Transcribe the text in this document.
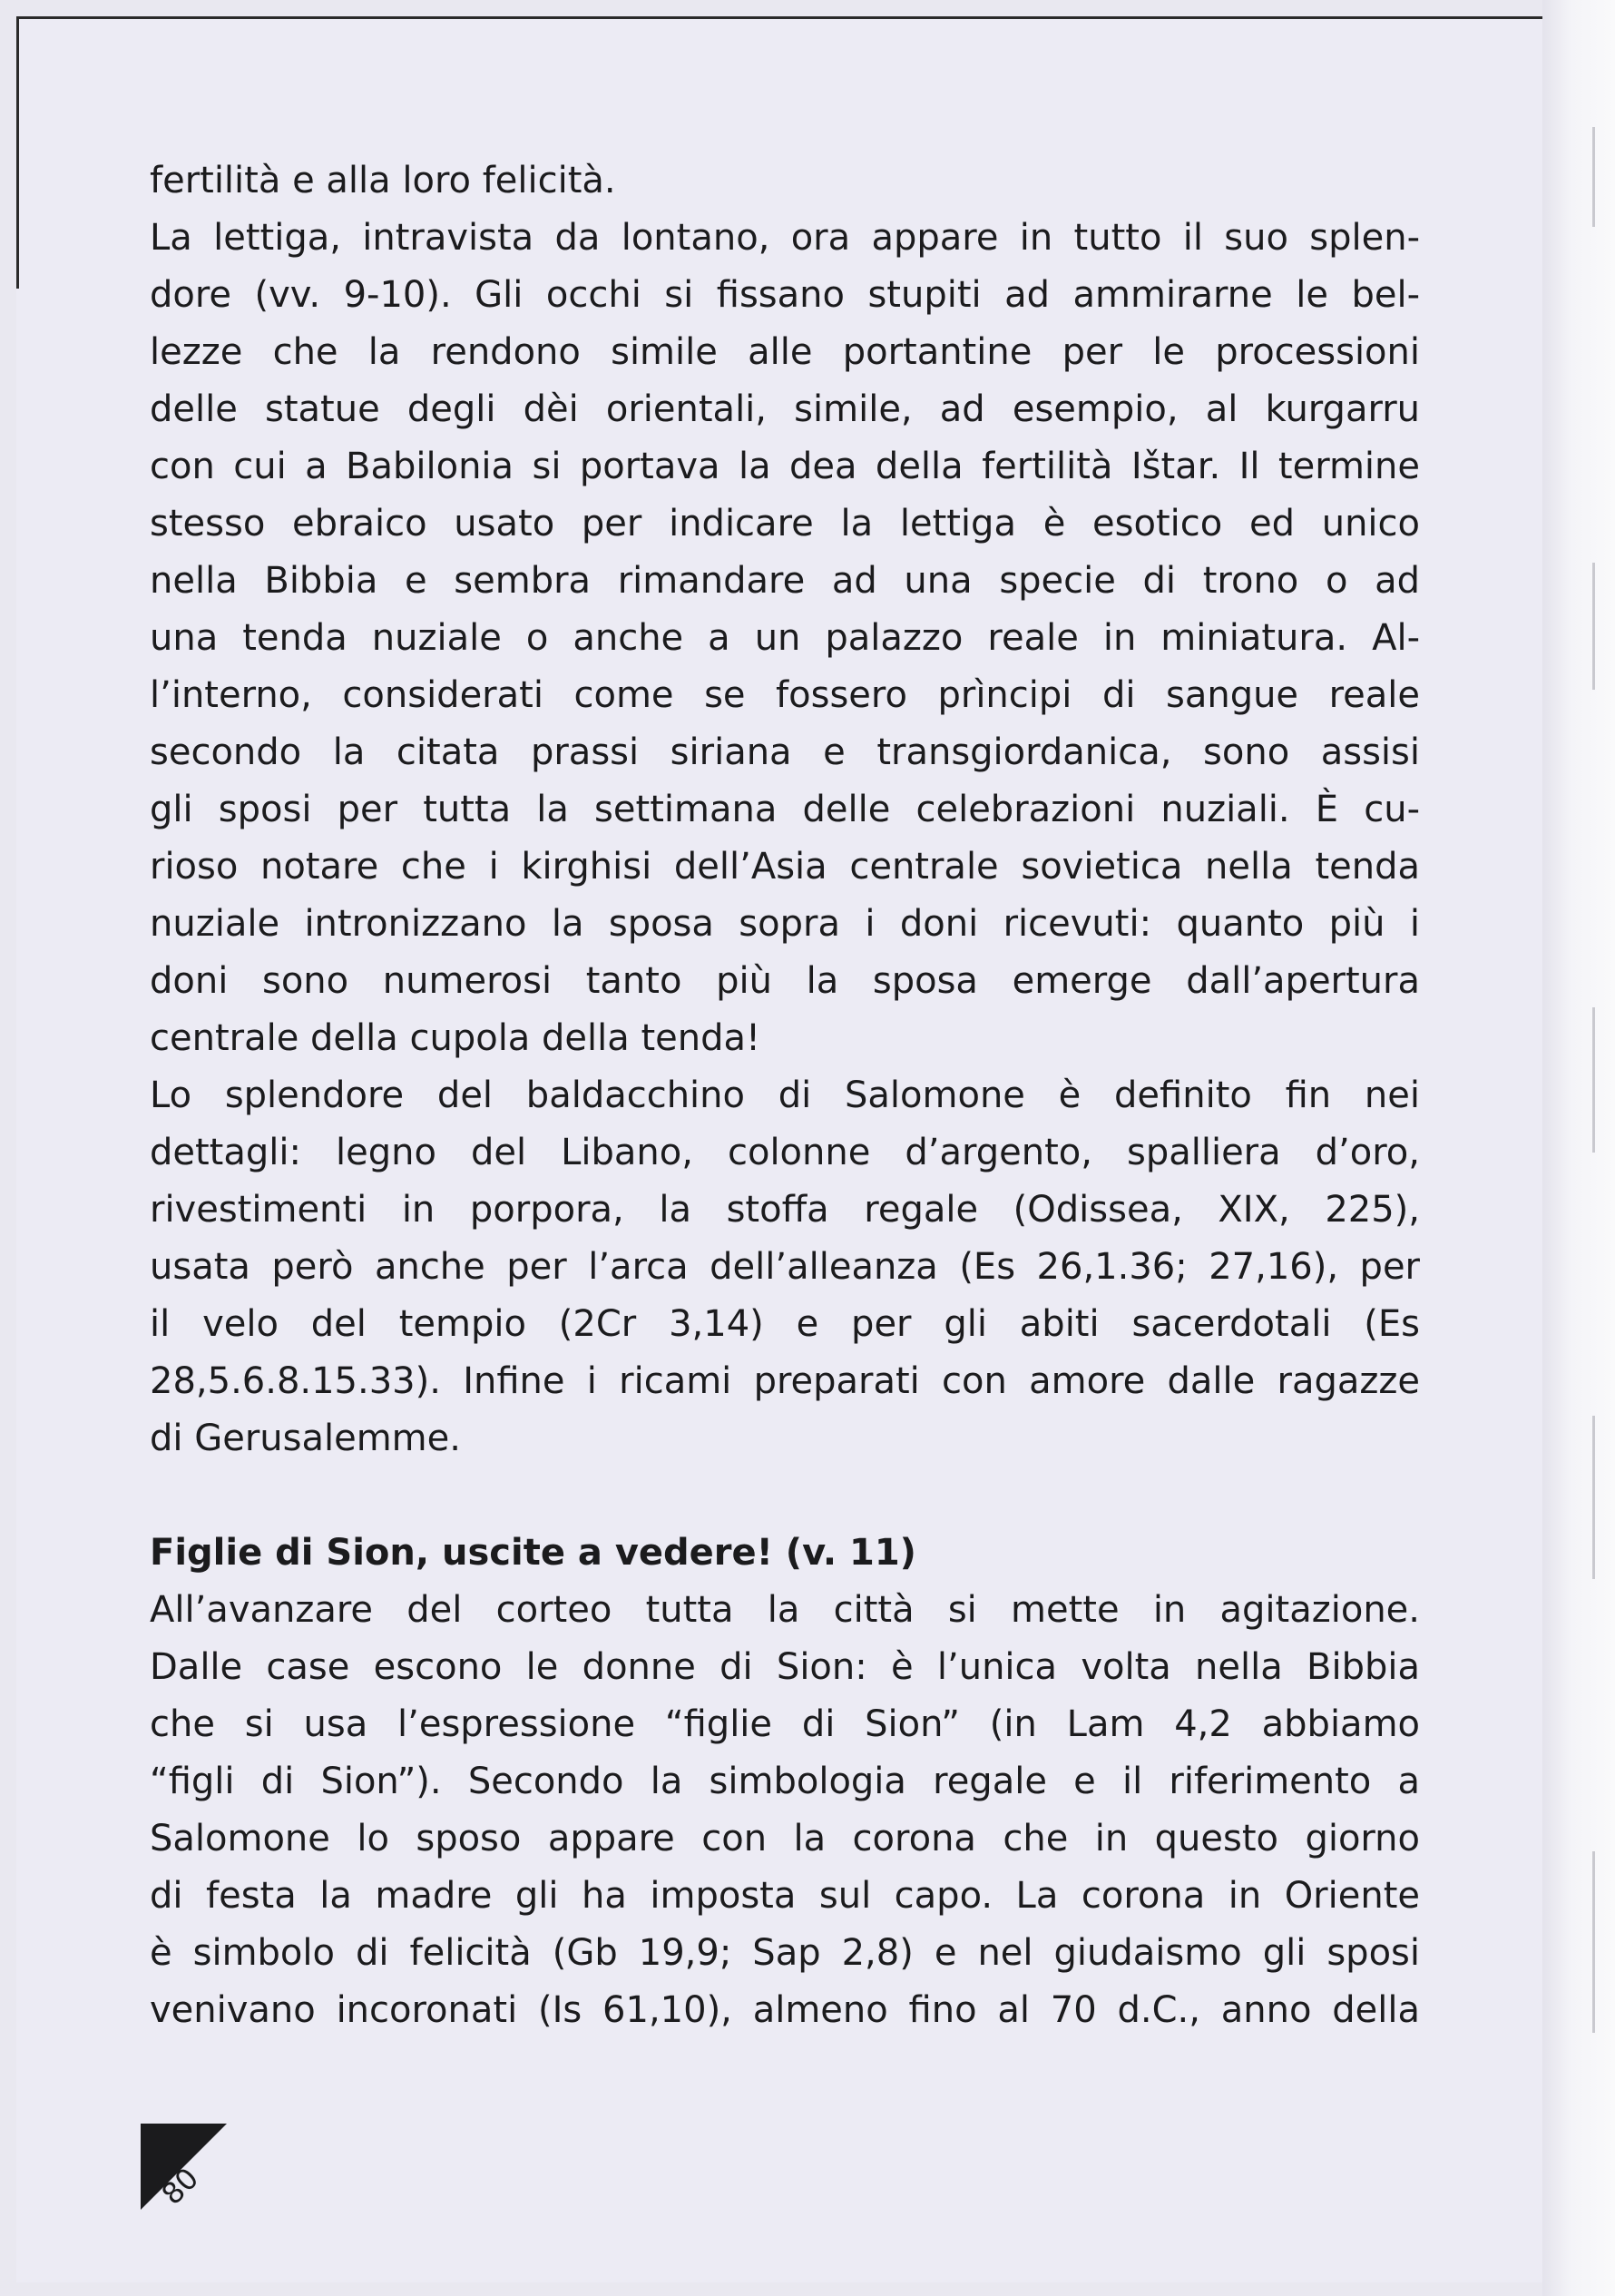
fertilità e alla loro felicità.
La lettiga, intravista da lontano, ora appare in tutto il suo splen-
dore (vv. 9-10). Gli occhi si fissano stupiti ad ammirarne le bel-
lezze che la rendono simile alle portantine per le processioni
delle statue degli dèi orientali, simile, ad esempio, al kurgarru
con cui a Babilonia si portava la dea della fertilità Ištar. Il termine
stesso ebraico usato per indicare la lettiga è esotico ed unico
nella Bibbia e sembra rimandare ad una specie di trono o ad
una tenda nuziale o anche a un palazzo reale in miniatura. Al-
l’interno, considerati come se fossero prìncipi di sangue reale
secondo la citata prassi siriana e transgiordanica, sono assisi
gli sposi per tutta la settimana delle celebrazioni nuziali. È cu-
rioso notare che i kirghisi dell’Asia centrale sovietica nella tenda
nuziale intronizzano la sposa sopra i doni ricevuti: quanto più i
doni sono numerosi tanto più la sposa emerge dall’apertura
centrale della cupola della tenda!
Lo splendore del baldacchino di Salomone è definito fin nei
dettagli: legno del Libano, colonne d’argento, spalliera d’oro,
rivestimenti in porpora, la stoffa regale (Odissea, XIX, 225),
usata però anche per l’arca dell’alleanza (Es 26,1.36; 27,16), per
il velo del tempio (2Cr 3,14) e per gli abiti sacerdotali (Es
28,5.6.8.15.33). Infine i ricami preparati con amore dalle ragazze
di Gerusalemme.
Figlie di Sion, uscite a vedere! (v. 11)
All’avanzare del corteo tutta la città si mette in agitazione.
Dalle case escono le donne di Sion: è l’unica volta nella Bibbia
che si usa l’espressione “figlie di Sion” (in Lam 4,2 abbiamo
“figli di Sion”). Secondo la simbologia regale e il riferimento a
Salomone lo sposo appare con la corona che in questo giorno
di festa la madre gli ha imposta sul capo. La corona in Oriente
è simbolo di felicità (Gb 19,9; Sap 2,8) e nel giudaismo gli sposi
venivano incoronati (Is 61,10), almeno fino al 70 d.C., anno della
80
